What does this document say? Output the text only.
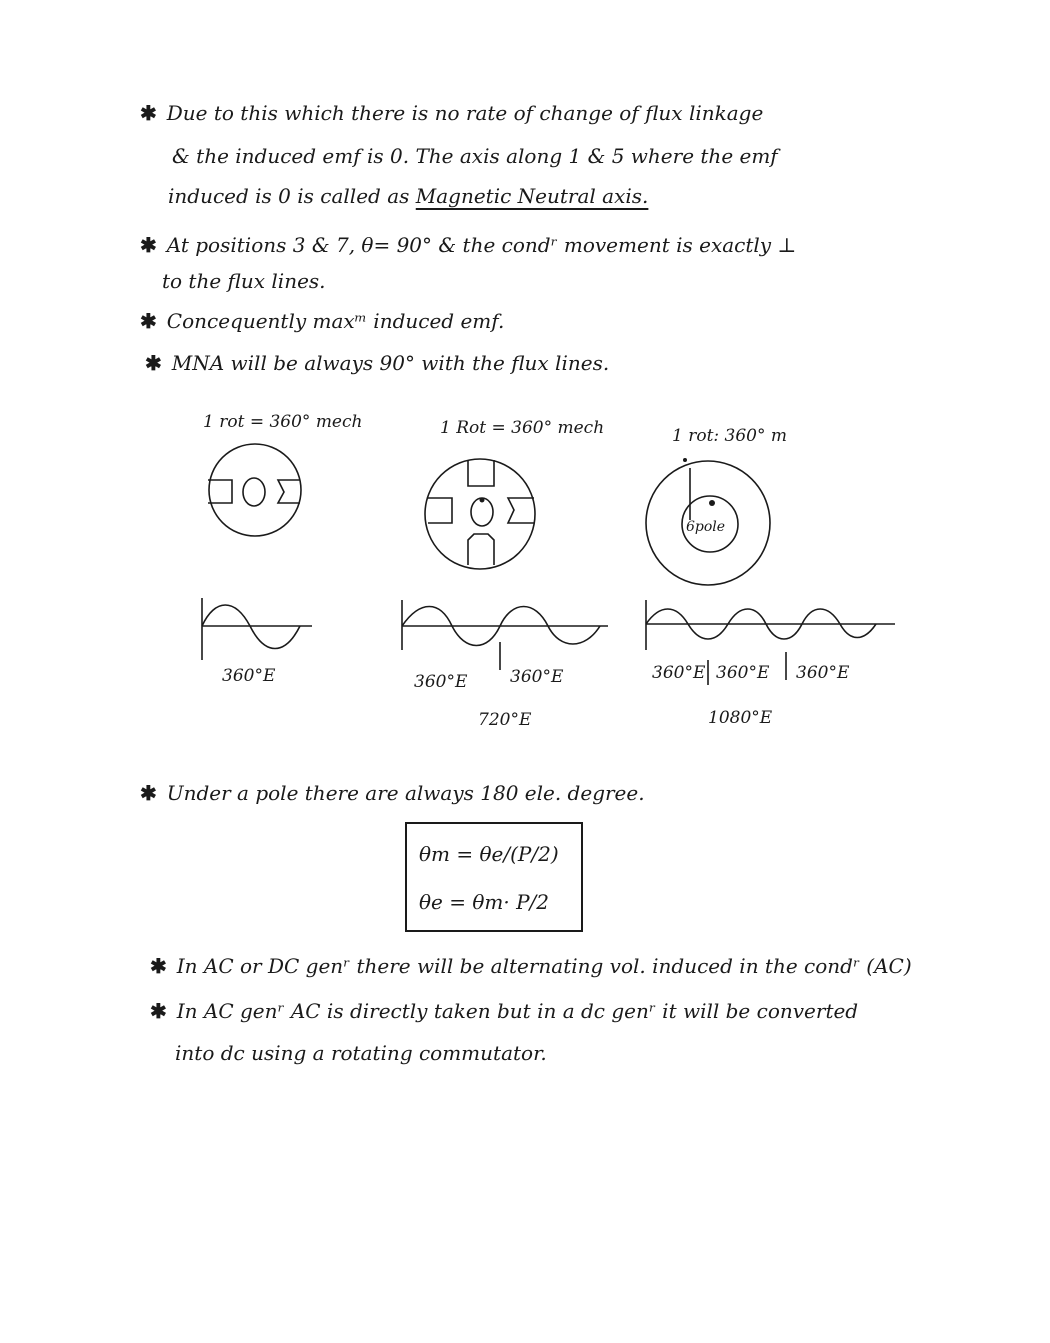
✱ Due to this which there is no rate of change of flux linkage
& the induced emf is 0. The axis along 1 & 5 where the emf
induced is 0 is called as Magnetic Neutral axis.
✱ At positions 3 & 7, θ= 90° & the condʳ movement is exactly ⊥
to the flux lines.
✱ Concequently maxᵐ induced emf.
✱ MNA will be always 90° with the flux lines.
1 rot = 360° mech	1 Rot = 360° mech	1 rot: 360° m
6pole
360°E	360°E	360°E
720°E
360°E 360°E 360°E
1080°E
✱ Under a pole there are always 180 ele. degree.
θm = θe/(P/2)
θe = θm· P/2
✱ In AC or DC genʳ there will be alternating vol. induced in the condʳ (AC)
✱ In AC genʳ AC is directly taken but in a dc genʳ it will be converted
into dc using a rotating commutator.
